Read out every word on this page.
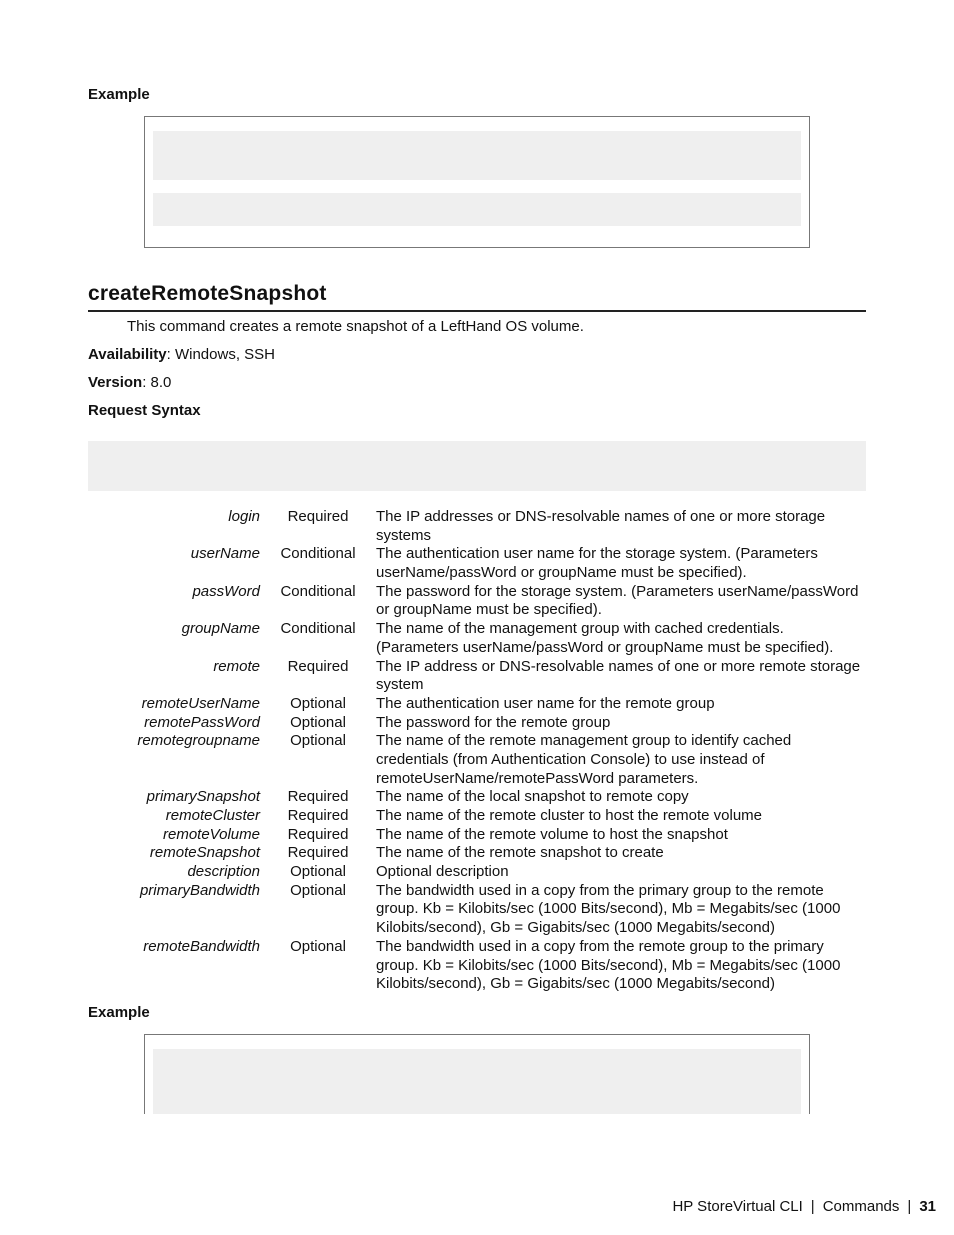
Example
createRemoteSnapshot
This command creates a remote snapshot of a LeftHand OS volume.
Availability: Windows, SSH
Version: 8.0
Request Syntax
login	Required	The IP addresses or DNS-resolvable names of one or more storage systems
userName Conditional The authentication user name for the storage system. (Parameters userName/passWord or groupName must be specified).
passWord Conditional The password for the storage system. (Parameters userName/passWord or groupName must be specified).
groupName Conditional The name of the management group with cached credentials. (Parameters userName/passWord or groupName must be specified).
remote	Required	The IP address or DNS-resolvable names of one or more remote storage system
remoteUserName	Optional	The authentication user name for the remote group
remotePassWord	Optional	The password for the remote group
remotegroupname	Optional	The name of the remote management group to identify cached credentials (from Authentication Console) to use instead of remoteUserName/remotePassWord parameters.
primarySnapshot	Required	The name of the local snapshot to remote copy
remoteCluster	Required	The name of the remote cluster to host the remote volume
remoteVolume	Required	The name of the remote volume to host the snapshot
remoteSnapshot	Required	The name of the remote snapshot to create
description	Optional	Optional description
primaryBandwidth	Optional	The bandwidth used in a copy from the primary group to the remote group. Kb = Kilobits/sec (1000 Bits/second), Mb = Megabits/sec (1000 Kilobits/second), Gb = Gigabits/sec (1000 Megabits/second)
remoteBandwidth	Optional	The bandwidth used in a copy from the remote group to the primary group. Kb = Kilobits/sec (1000 Bits/second), Mb = Megabits/sec (1000 Kilobits/second), Gb = Gigabits/sec (1000 Megabits/second)
Example
HP StoreVirtual CLI | Commands | 31
